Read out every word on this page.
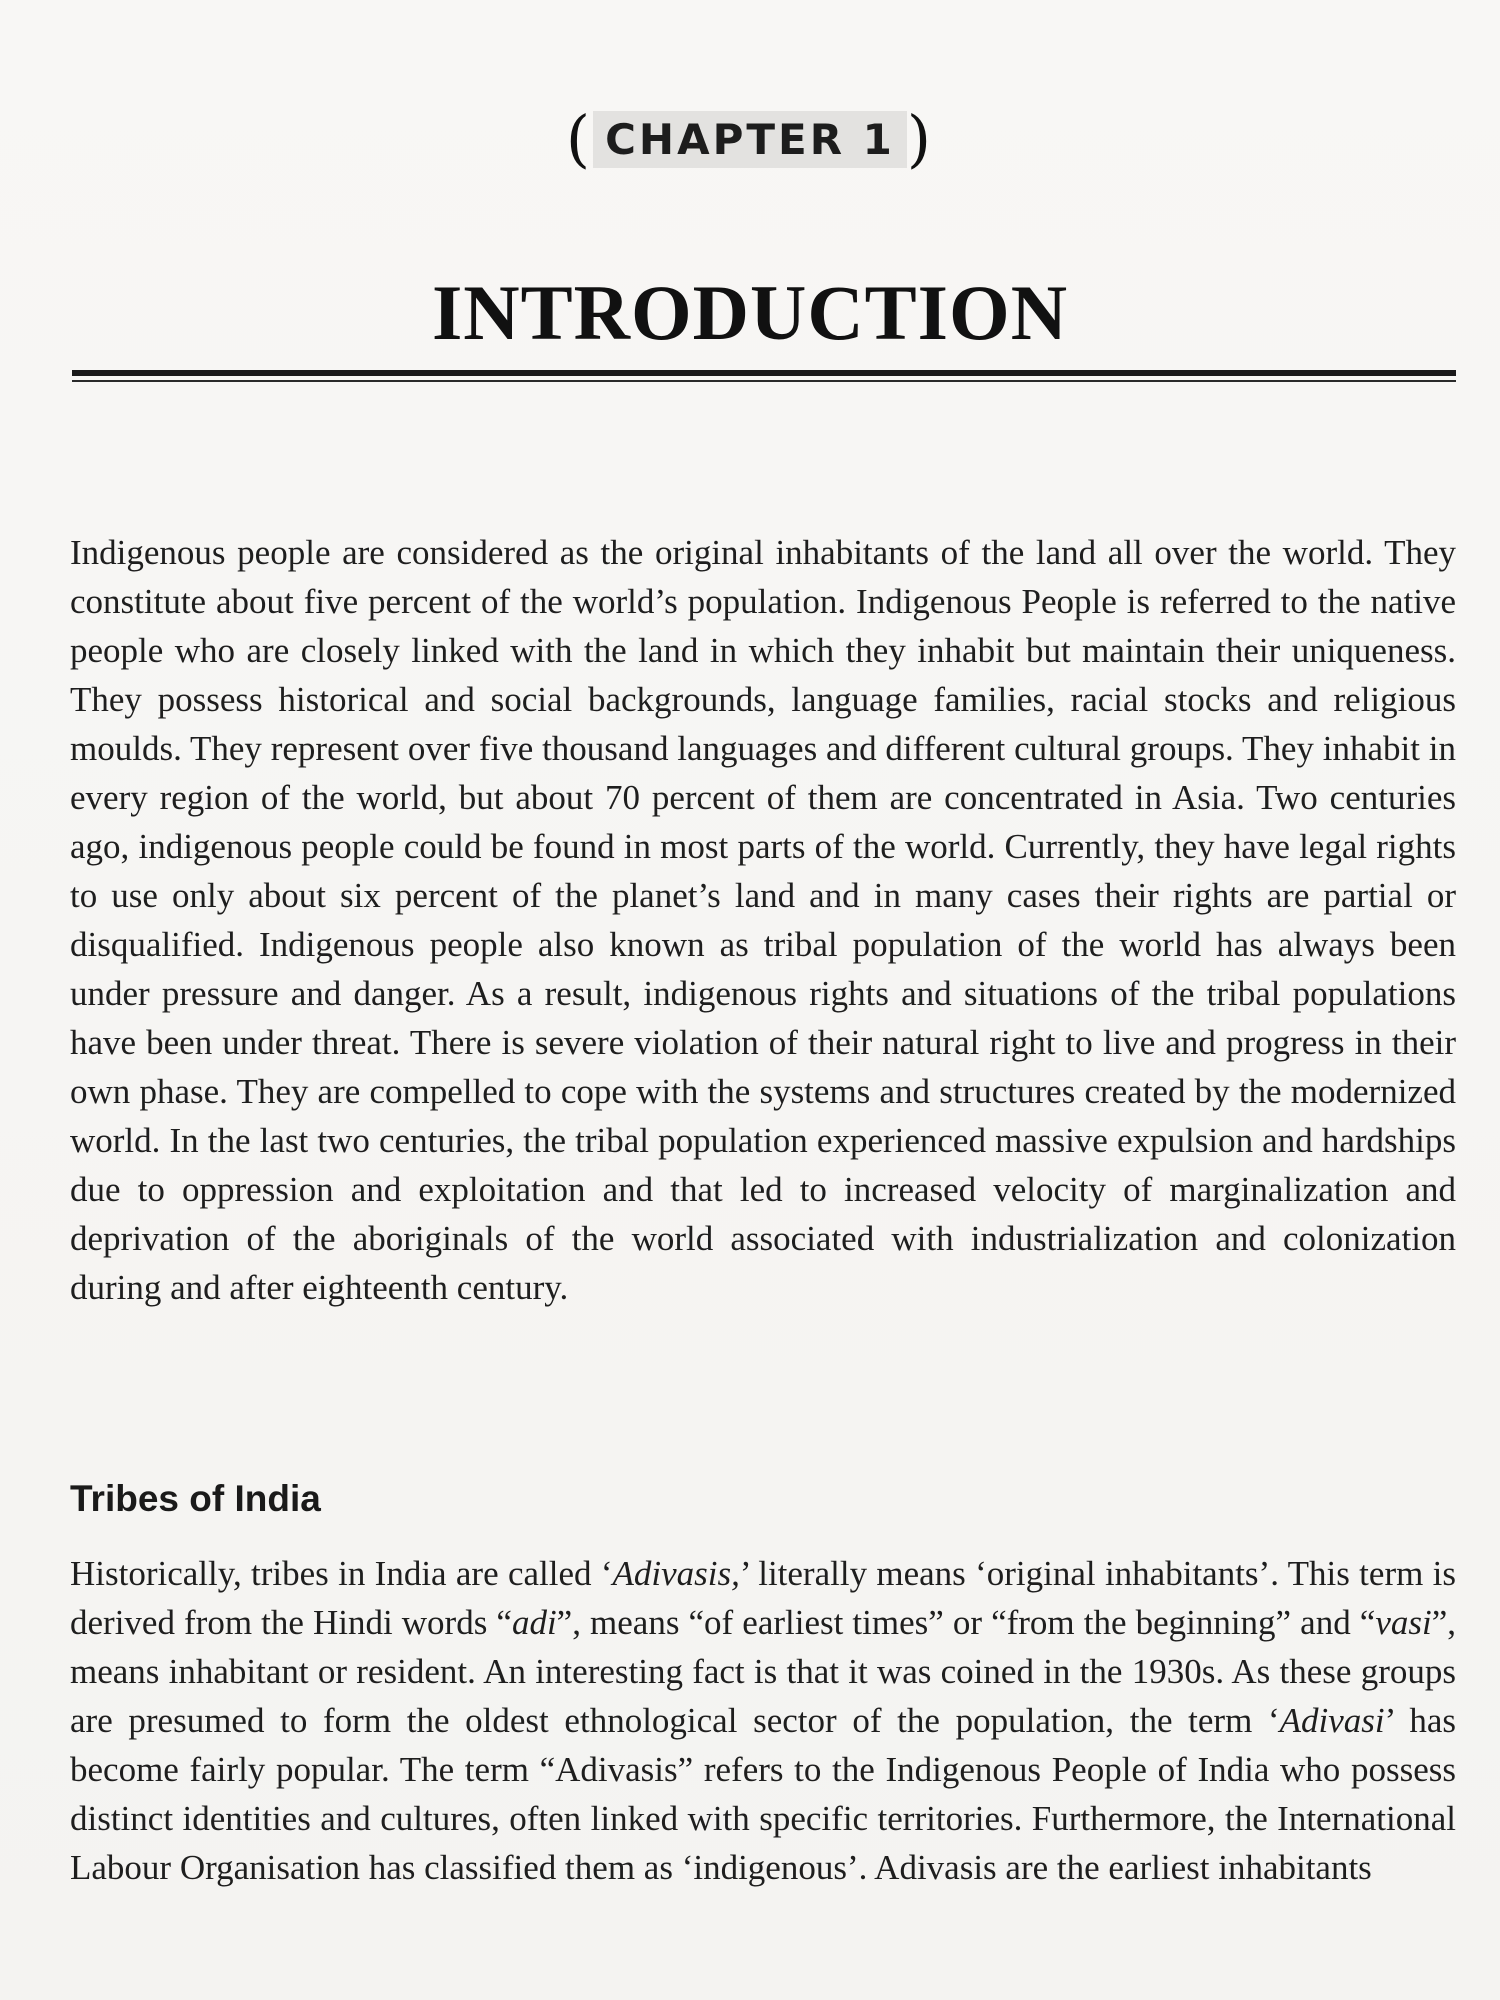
( CHAPTER 1 )
INTRODUCTION

Indigenous people are considered as the original inhabitants of the land all over the world. They constitute about five percent of the world’s population. Indigenous People is referred to the native people who are closely linked with the land in which they inhabit but maintain their uniqueness. They possess historical and social backgrounds, language families, racial stocks and religious moulds. They represent over five thousand languages and different cultural groups. They inhabit in every region of the world, but about 70 percent of them are concentrated in Asia. Two centuries ago, indigenous people could be found in most parts of the world. Currently, they have legal rights to use only about six percent of the planet’s land and in many cases their rights are partial or disqualified. Indigenous people also known as tribal population of the world has always been under pressure and danger. As a result, indigenous rights and situations of the tribal populations have been under threat. There is severe violation of their natural right to live and progress in their own phase. They are compelled to cope with the systems and structures created by the modernized world. In the last two centuries, the tribal population experienced massive expulsion and hardships due to oppression and exploitation and that led to increased velocity of marginalization and deprivation of the aboriginals of the world associated with industrialization and colonization during and after eighteenth century.

Tribes of India

Historically, tribes in India are called ‘Adivasis,’ literally means ‘original inhabitants’. This term is derived from the Hindi words “adi”, means “of earliest times” or “from the beginning” and “vasi”, means inhabitant or resident. An interesting fact is that it was coined in the 1930s. As these groups are presumed to form the oldest ethnological sector of the population, the term ‘Adivasi’ has become fairly popular. The term “Adivasis” refers to the Indigenous People of India who possess distinct identities and cultures, often linked with specific territories. Furthermore, the International Labour Organisation has classified them as ‘indigenous’. Adivasis are the earliest inhabitants
